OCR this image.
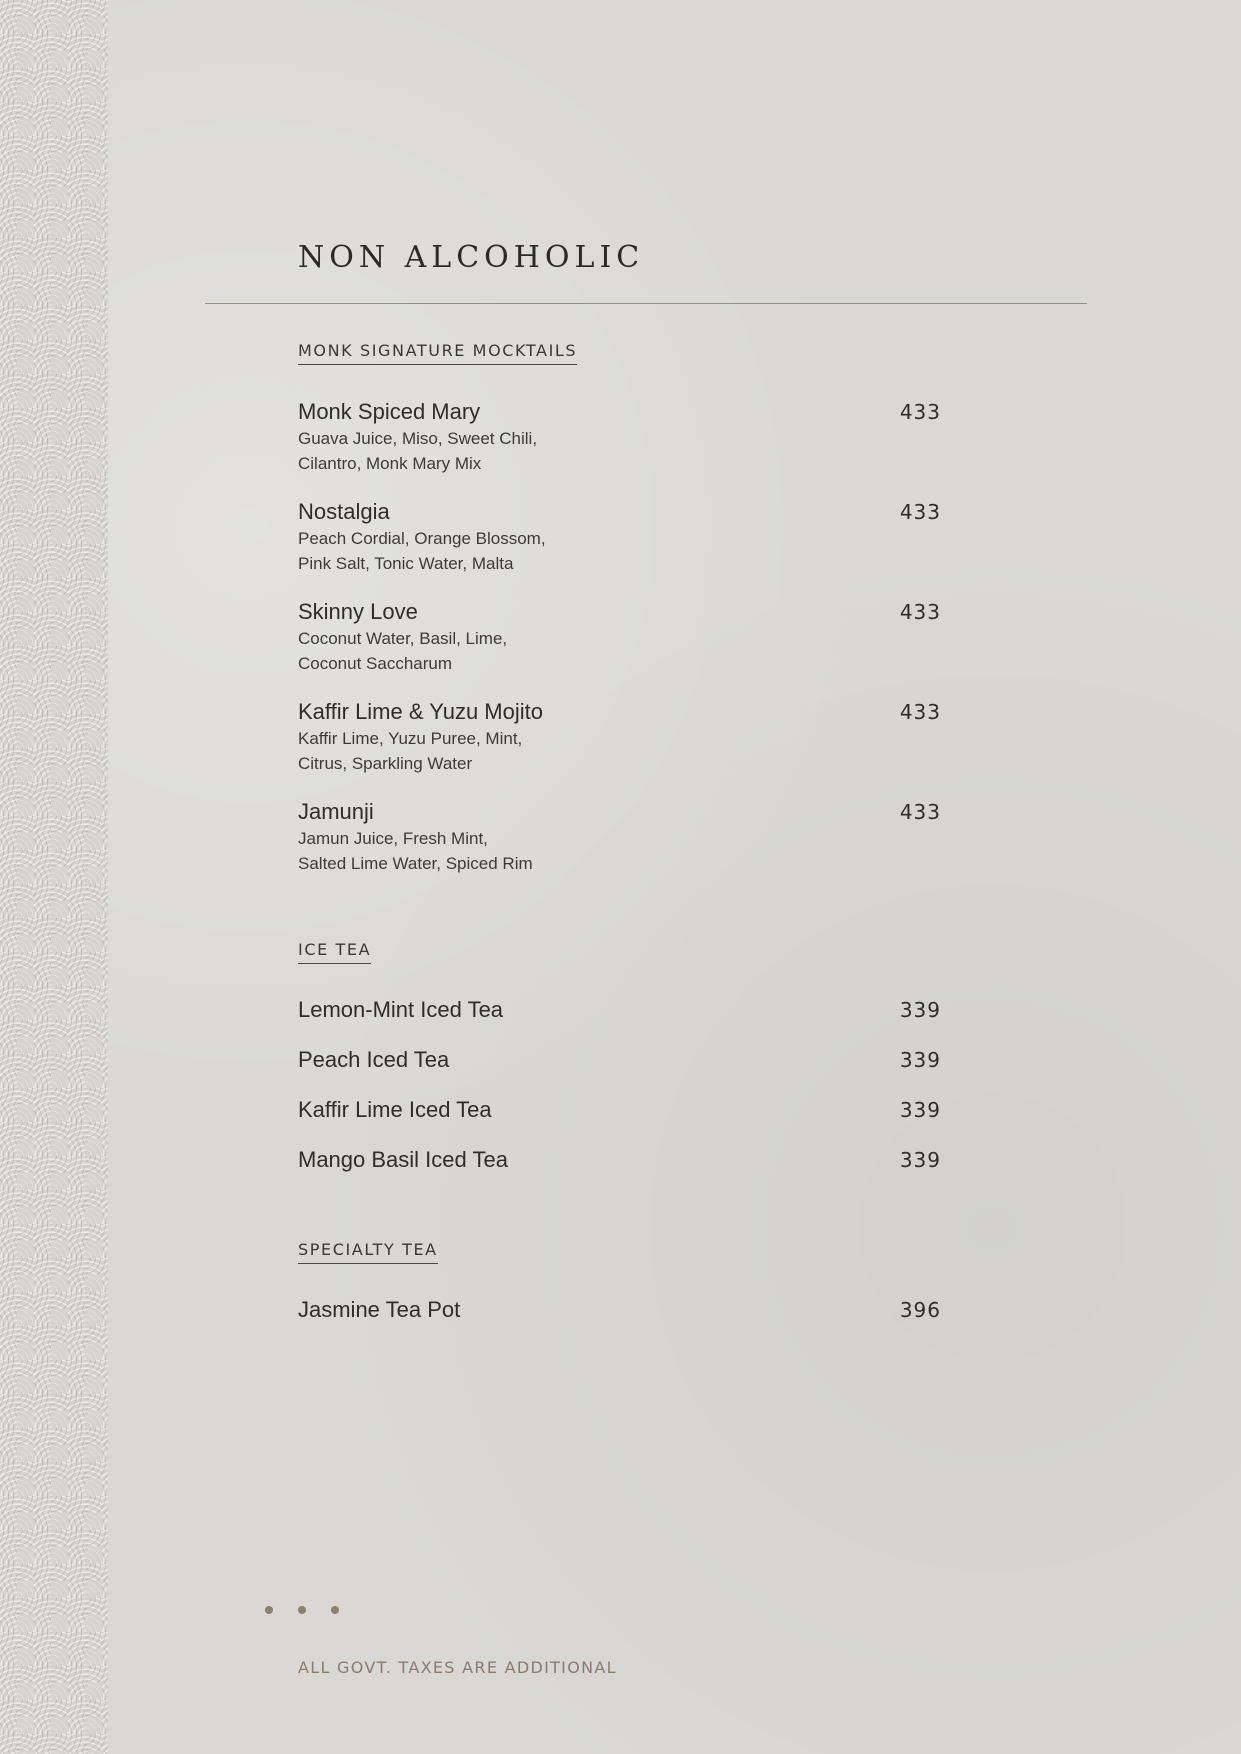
NON ALCOHOLIC
MONK SIGNATURE MOCKTAILS
Monk Spiced Mary	433
Guava Juice, Miso, Sweet Chili,
Cilantro, Monk Mary Mix
Nostalgia	433
Peach Cordial, Orange Blossom,
Pink Salt, Tonic Water, Malta
Skinny Love	433
Coconut Water, Basil, Lime,
Coconut Saccharum
Kaffir Lime & Yuzu Mojito	433
Kaffir Lime, Yuzu Puree, Mint,
Citrus, Sparkling Water
Jamunji	433
Jamun Juice, Fresh Mint,
Salted Lime Water, Spiced Rim
ICE TEA
Lemon-Mint Iced Tea	339
Peach Iced Tea	339
Kaffir Lime Iced Tea	339
Mango Basil Iced Tea	339
SPECIALTY TEA
Jasmine Tea Pot	396
ALL GOVT. TAXES ARE ADDITIONAL
